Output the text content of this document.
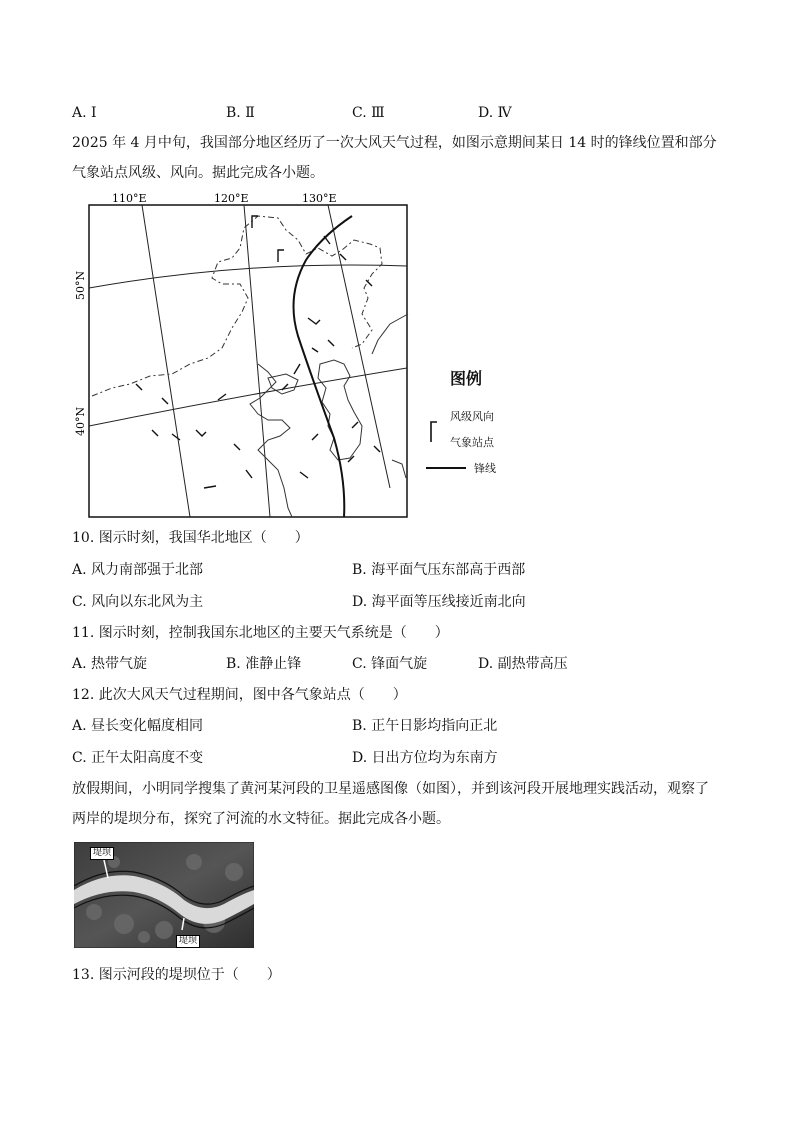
A. Ⅰ	B. Ⅱ	C. Ⅲ	D. Ⅳ
2025 年 4 月中旬，我国部分地区经历了一次大风天气过程，如图示意期间某日 14 时的锋线位置和部分气象站点风级、风向。据此完成各小题。
110°E	120°E	130°E
50°N
40°N
图例
风级风向
气象站点
锋线
10. 图示时刻，我国华北地区（　　）
A. 风力南部强于北部	B. 海平面气压东部高于西部
C. 风向以东北风为主	D. 海平面等压线接近南北向
11. 图示时刻，控制我国东北地区的主要天气系统是（　　）
A. 热带气旋	B. 准静止锋	C. 锋面气旋	D. 副热带高压
12. 此次大风天气过程期间，图中各气象站点（　　）
A. 昼长变化幅度相同	B. 正午日影均指向正北
C. 正午太阳高度不变	D. 日出方位均为东南方
放假期间，小明同学搜集了黄河某河段的卫星遥感图像（如图），并到该河段开展地理实践活动，观察了两岸的堤坝分布，探究了河流的水文特征。据此完成各小题。
堤坝
堤坝
13. 图示河段的堤坝位于（　　）
